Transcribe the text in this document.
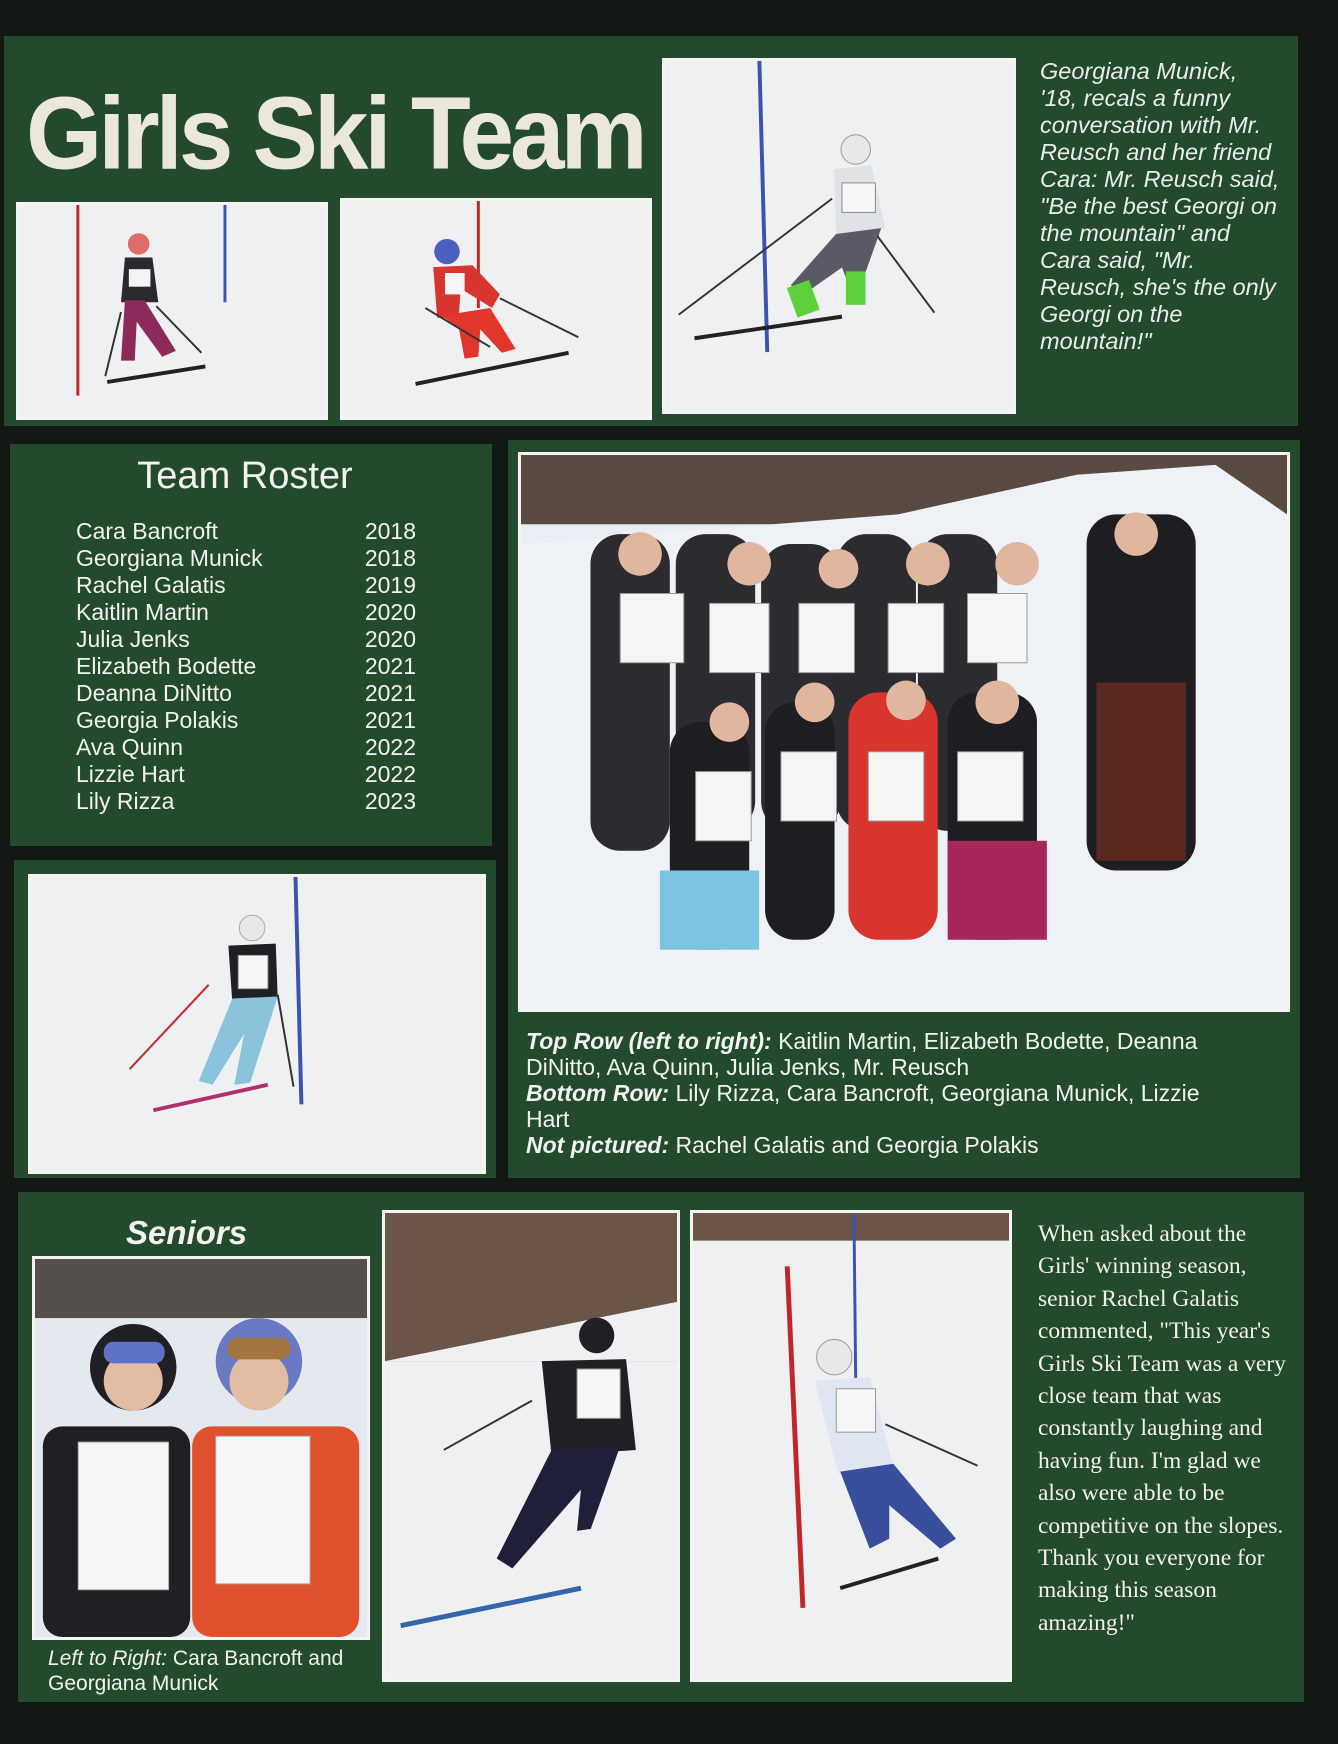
Girls Ski Team

Georgiana Munick, '18, recals a funny conversation with Mr. Reusch and her friend Cara: Mr. Reusch said, "Be the best Georgi on the mountain" and Cara said, "Mr. Reusch, she's the only Georgi on the mountain!"

Team Roster
Cara Bancroft	2018
Georgiana Munick	2018
Rachel Galatis	2019
Kaitlin Martin	2020
Julia Jenks	2020
Elizabeth Bodette	2021
Deanna DiNitto	2021
Georgia Polakis	2021
Ava Quinn	2022
Lizzie Hart	2022
Lily Rizza	2023
Top Row (left to right): Kaitlin Martin, Elizabeth Bodette, Deanna DiNitto, Ava Quinn, Julia Jenks, Mr. Reusch
Bottom Row: Lily Rizza, Cara Bancroft, Georgiana Munick, Lizzie Hart
Not pictured: Rachel Galatis and Georgia Polakis
Seniors
Left to Right: Cara Bancroft and Georgiana Munick

When asked about the Girls' winning season, senior Rachel Galatis commented, "This year's Girls Ski Team was a very close team that was constantly laughing and having fun. I'm glad we also were able to be competitive on the slopes. Thank you everyone for making this season amazing!"
